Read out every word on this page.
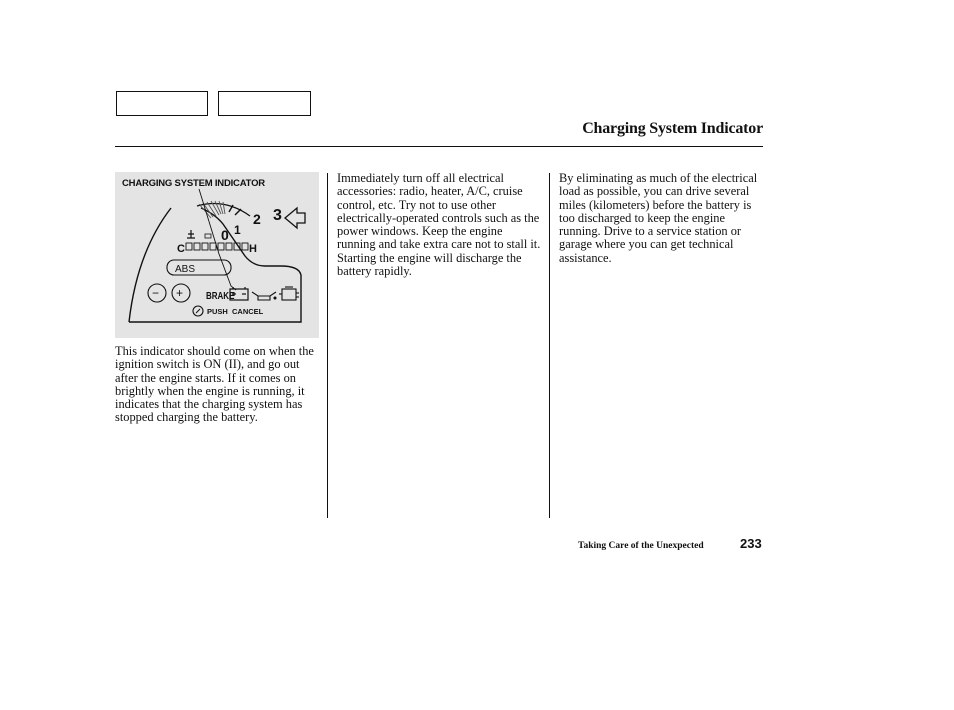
Charging System Indicator
CHARGING SYSTEM INDICATOR
3
2
1
0
C	H
ABS
− + BRAKE
PUSH  CANCEL

This indicator should come on when the ignition switch is ON (II), and go out after the engine starts. If it comes on brightly when the engine is running, it indicates that the charging system has stopped charging the battery.

Immediately turn off all electrical accessories: radio, heater, A/C, cruise control, etc. Try not to use other electrically-operated controls such as the power windows. Keep the engine running and take extra care not to stall it. Starting the engine will discharge the battery rapidly.

By eliminating as much of the electrical load as possible, you can drive several miles (kilometers) before the battery is too discharged to keep the engine running. Drive to a service station or garage where you can get technical assistance.

Taking Care of the Unexpected	233
